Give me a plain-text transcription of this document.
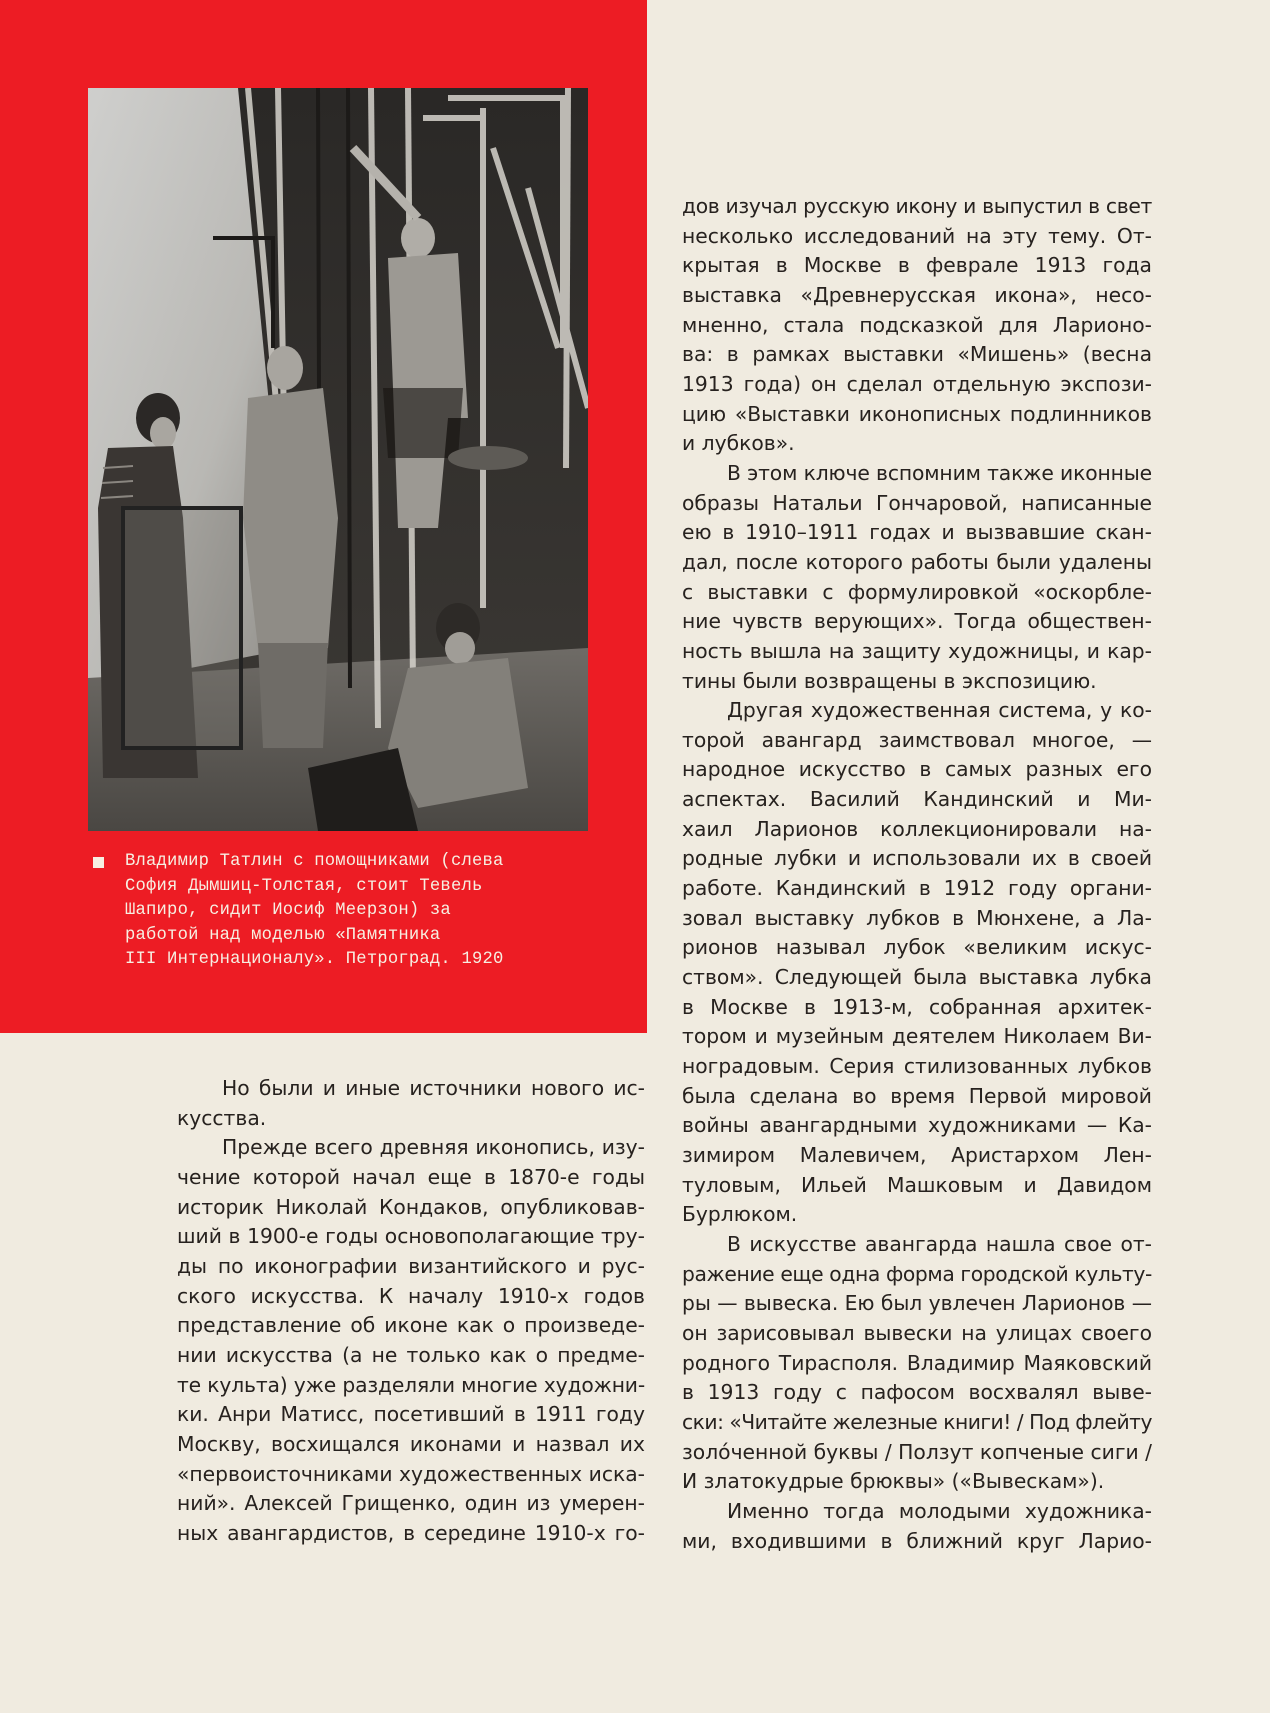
Владимир Татлин с помощниками (слева
София Дымшиц-Толстая, стоит Тевель
Шапиро, сидит Иосиф Меерзон) за
работой над моделью «Памятника
III Интернационалу». Петроград. 1920
Но были и иные источники нового ис-
кусства.
Прежде всего древняя иконопись, изу-
чение которой начал еще в 1870-е годы
историк Николай Кондаков, опубликовав-
ший в 1900-е годы основополагающие тру-
ды по иконографии византийского и рус-
ского искусства. К началу 1910-х годов
представление об иконе как о произведе-
нии искусства (а не только как о предме-
те культа) уже разделяли многие художни-
ки. Анри Матисс, посетивший в 1911 году
Москву, восхищался иконами и назвал их
«первоисточниками художественных иска-
ний». Алексей Грищенко, один из умерен-
ных авангардистов, в середине 1910-х го-
дов изучал русскую икону и выпустил в свет
несколько исследований на эту тему. От-
крытая в Москве в феврале 1913 года
выставка «Древнерусская икона», несо-
мненно, стала подсказкой для Ларионо-
ва: в рамках выставки «Мишень» (весна
1913 года) он сделал отдельную экспози-
цию «Выставки иконописных подлинников
и лубков».
В этом ключе вспомним также иконные
образы Натальи Гончаровой, написанные
ею в 1910–1911 годах и вызвавшие скан-
дал, после которого работы были удалены
с выставки с формулировкой «оскорбле-
ние чувств верующих». Тогда обществен-
ность вышла на защиту художницы, и кар-
тины были возвращены в экспозицию.
Другая художественная система, у ко-
торой авангард заимствовал многое, —
народное искусство в самых разных его
аспектах. Василий Кандинский и Ми-
хаил Ларионов коллекционировали на-
родные лубки и использовали их в своей
работе. Кандинский в 1912 году органи-
зовал выставку лубков в Мюнхене, а Ла-
рионов называл лубок «великим искус-
ством». Следующей была выставка лубка
в Москве в 1913-м, собранная архитек-
тором и музейным деятелем Николаем Ви-
ноградовым. Серия стилизованных лубков
была сделана во время Первой мировой
войны авангардными художниками — Ка-
зимиром Малевичем, Аристархом Лен-
туловым, Ильей Машковым и Давидом
Бурлюком.
В искусстве авангарда нашла свое от-
ражение еще одна форма городской культу-
ры — вывеска. Ею был увлечен Ларионов —
он зарисовывал вывески на улицах своего
родного Тирасполя. Владимир Маяковский
в 1913 году с пафосом восхвалял выве-
ски: «Читайте железные книги! / Под флейту
золóченной буквы / Ползут копченые сиги /
И златокудрые брюквы» («Вывескам»).
Именно тогда молодыми художника-
ми, входившими в ближний круг Ларио-
